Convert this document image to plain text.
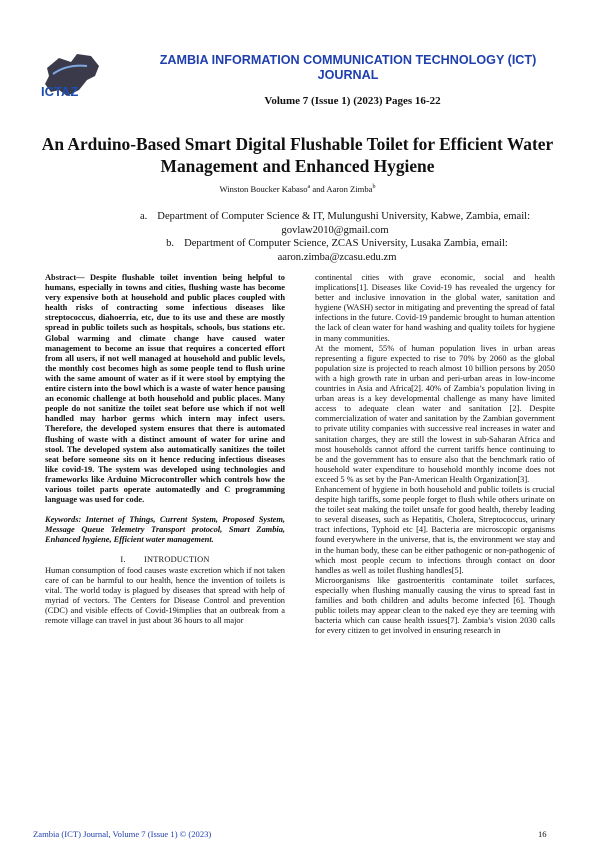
ICTAZ
ZAMBIA INFORMATION COMMUNICATION TECHNOLOGY (ICT) JOURNAL
Volume 7 (Issue 1) (2023) Pages 16-22
An Arduino-Based Smart Digital Flushable Toilet for Efficient Water Management and Enhanced Hygiene
Winston Boucker Kabaso$^a$ and Aaron Zimba$^b$
a. Department of Computer Science & IT, Mulungushi University, Kabwe, Zambia, email: govlaw2010@gmail.com
b. Department of Computer Science, ZCAS University, Lusaka Zambia, email: aaron.zimba@zcasu.edu.zm

Abstract— Despite flushable toilet invention being helpful to humans, especially in towns and cities, flushing waste has become very expensive both at household and public places coupled with health risks of contracting some infectious diseases like streptococcus, diahoerria, etc, due to its use and these are mostly spread in public toilets such as hospitals, schools, bus stations etc. Global warming and climate change have caused water management to become an issue that requires a concerted effort from all users, if not well managed at household and public levels, the monthly cost becomes high as some people tend to flush urine with the same amount of water as if it were stool by emptying the entire cistern into the bowl which is a waste of water hence pausing an economic challenge at both household and public places. Many people do not sanitize the toilet seat before use which if not well handled may harbor germs which intern may infect users. Therefore, the developed system ensures that there is automated flushing of waste with a distinct amount of water for urine and stool. The developed system also automatically sanitizes the toilet seat before someone sits on it hence reducing infectious diseases like covid-19. The system was developed using technologies and frameworks like Arduino Microcontroller which controls how the various toilet parts operate automatedly and C programming language was used for code.

Keywords: Internet of Things, Current System, Proposed System, Message Queue Telemetry Transport protocol, Smart Zambia, Enhanced hygiene, Efficient water management.

I.        INTRODUCTION

Human consumption of food causes waste excretion which if not taken care of can be harmful to our health, hence the invention of toilets is vital. The world today is plagued by diseases that spread with help of myriad of vectors. The Centers for Disease Control and prevention (CDC) and visible effects of Covid-19implies that an outbreak from a remote village can travel in just about 36 hours to all major

continental cities with grave economic, social and health implications[1]. Diseases like Covid-19 has revealed the urgency for better and inclusive innovation in the global water, sanitation and hygiene (WASH) sector in mitigating and preventing the spread of fatal infections in the future. Covid-19 pandemic brought to human attention the lack of clean water for hand washing and quality toilets for hygiene in many communities.

At the moment, 55% of human population lives in urban areas representing a figure expected to rise to 70% by 2060 as the global population size is projected to reach almost 10 billion persons by 2050 with a high growth rate in urban and peri-urban areas in low-income countries in Asia and Africa[2]. 40% of Zambia’s population living in urban areas is a key developmental challenge as many have limited access to adequate clean water and sanitation [2]. Despite commercialization of water and sanitation by the Zambian government to private utility companies with successive real increases in water and sanitation charges, they are still the lowest in sub-Saharan Africa and most households cannot afford the current tariffs hence continuing to be and the government has to ensure also that the benchmark ratio of household water expenditure to household monthly income does not exceed 5 % as set by the Pan-American Health Organization[3].

Enhancement of hygiene in both household and public toilets is crucial despite high tariffs, some people forget to flush while others urinate on the toilet seat making the toilet unsafe for good health, thereby leading to several diseases, such as Hepatitis, Cholera, Streptococcus, urinary tract infections, Typhoid etc [4]. Bacteria are microscopic organisms found everywhere in the universe, that is, the environment we stay and in the human body, these can be either pathogenic or non-pathogenic of which most people cecum to infections through contact on door handles as well as toilet flushing handles[5].

Microorganisms like gastroenteritis contaminate toilet surfaces, especially when flushing manually causing the virus to spread fast in families and both children and adults become infected [6]. Though public toilets may appear clean to the naked eye they are teeming with bacteria which can cause health issues[7]. Zambia’s vision 2030 calls for every citizen to get involved in ensuring research in

Zambia (ICT) Journal, Volume 7 (Issue 1) © (2023)	16
